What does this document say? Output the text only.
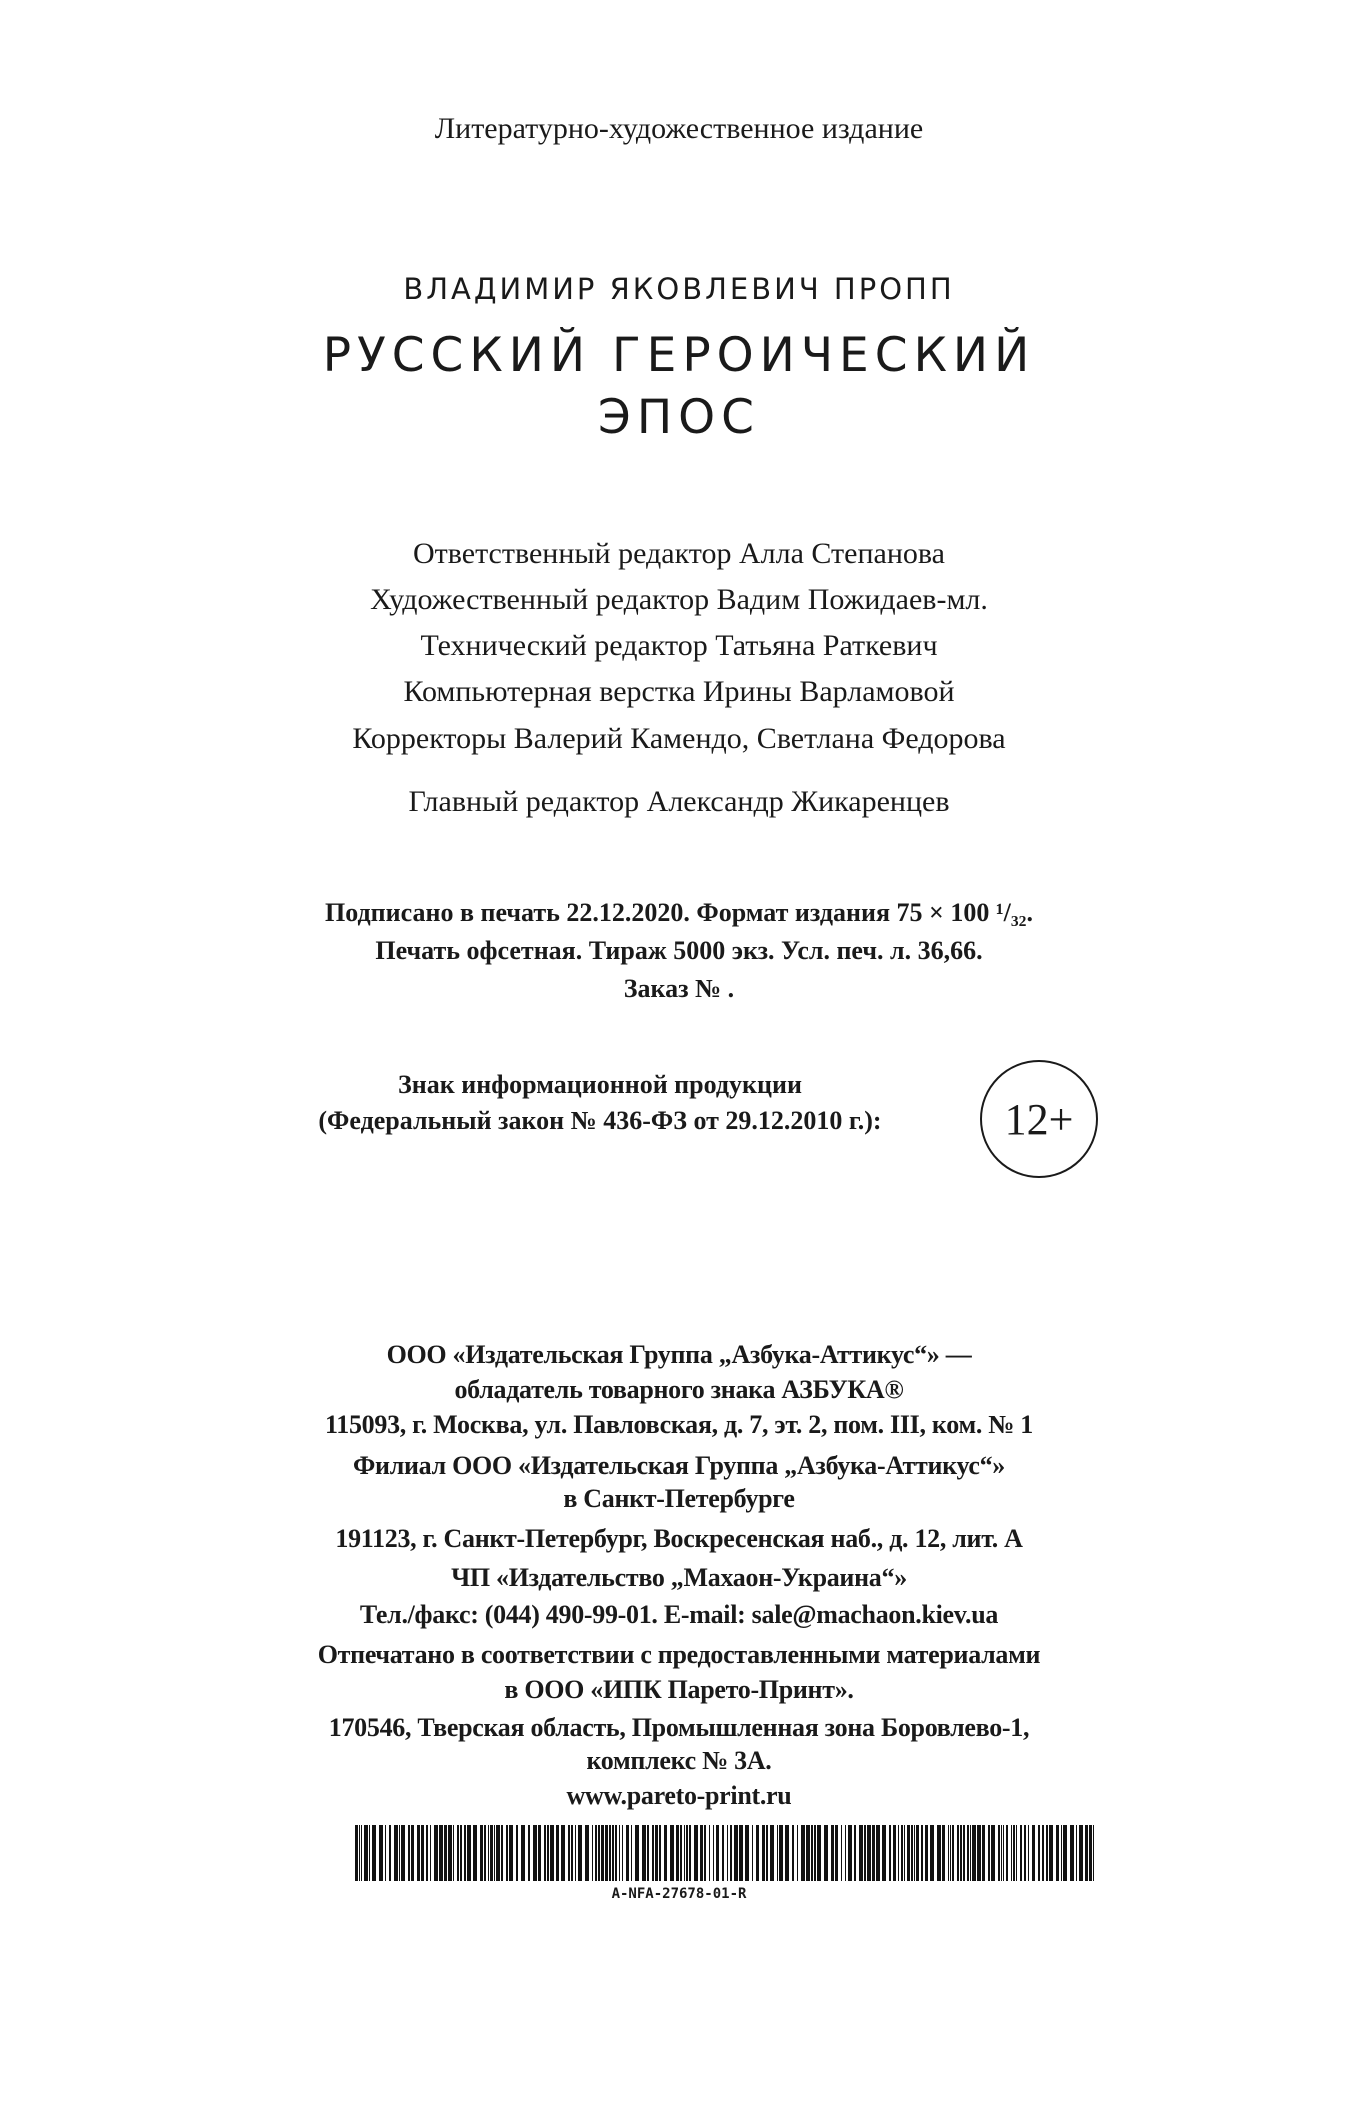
Литературно-художественное издание
ВЛАДИМИР ЯКОВЛЕВИЧ ПРОПП
РУССКИЙ ГЕРОИЧЕСКИЙ
ЭПОС
Ответственный редактор Алла Степанова
Художественный редактор Вадим Пожидаев-мл.
Технический редактор Татьяна Раткевич
Компьютерная верстка Ирины Варламовой
Корректоры Валерий Камендо, Светлана Федорова
Главный редактор Александр Жикаренцев
Подписано в печать 22.12.2020. Формат издания 75 × 100 ¹/₃₂.
Печать офсетная. Тираж 5000 экз. Усл. печ. л. 36,66.
Заказ № .
Знак информационной продукции
(Федеральный закон № 436-ФЗ от 29.12.2010 г.):	12+
ООО «Издательская Группа „Азбука-Аттикус“» —
обладатель товарного знака АЗБУКА®
115093, г. Москва, ул. Павловская, д. 7, эт. 2, пом. III, ком. № 1
Филиал ООО «Издательская Группа „Азбука-Аттикус“»
в Санкт-Петербурге
191123, г. Санкт-Петербург, Воскресенская наб., д. 12, лит. А
ЧП «Издательство „Махаон-Украина“»
Тел./факс: (044) 490-99-01. E-mail: sale@machaon.kiev.ua
Отпечатано в соответствии с предоставленными материалами
в ООО «ИПК Парето-Принт».
170546, Тверская область, Промышленная зона Боровлево-1,
комплекс № 3А.
www.pareto-print.ru
A-NFA-27678-01-R
